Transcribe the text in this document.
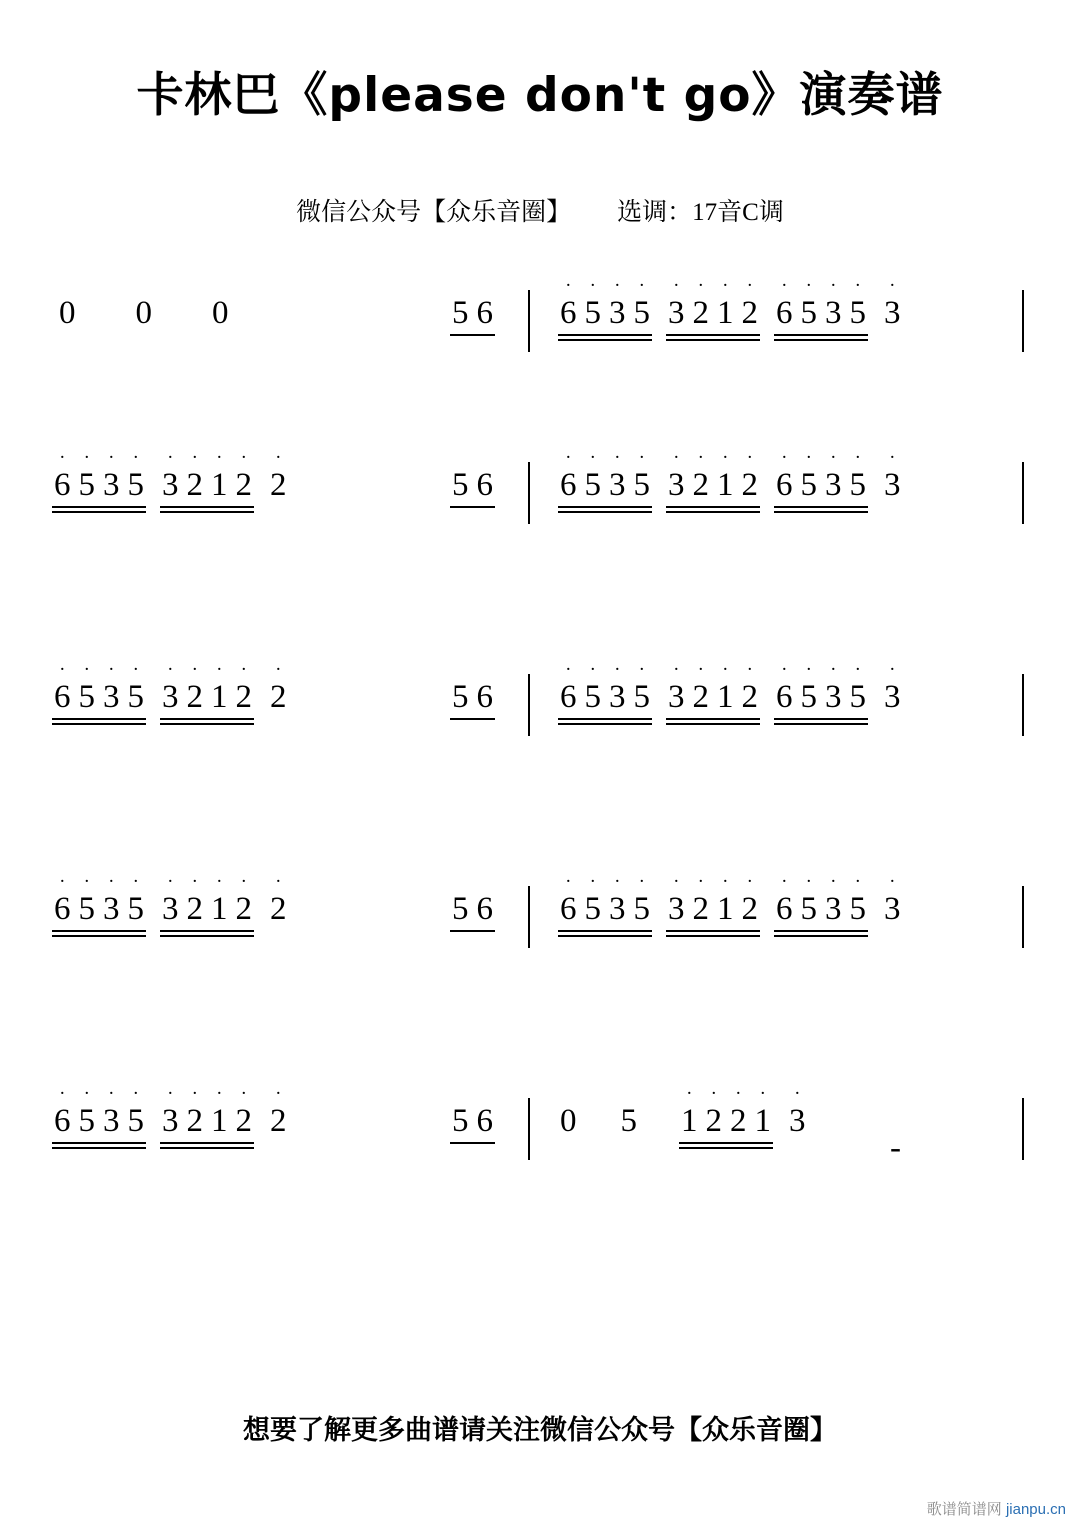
卡林巴《please don't go》演奏谱
微信公众号【众乐音圈】 选调：17音C调
0 0 0	5 6
·
6
·
5
·
3
·
5
·
3
·
2
·
1
·
2
·
6
·
5
·
3
·
5
·
3
·
6
·
5
·
3
·
5
·
3
·
2
·
1
·
2
·
2	5 6
·
6
·
5
·
3
·
5
·
3
·
2
·
1
·
2
·
6
·
5
·
3
·
5
·
3
·
6
·
5
·
3
·
5
·
3
·
2
·
1
·
2
·
2	5 6
·
6
·
5
·
3
·
5
·
3
·
2
·
1
·
2
·
6
·
5
·
3
·
5
·
3
·
6
·
5
·
3
·
5
·
3
·
2
·
1
·
2
·
2	5 6
·
6
·
5
·
3
·
5
·
3
·
2
·
1
·
2
·
6
·
5
·
3
·
5
·
3
·
6
·
5
·
3
·
5
·
3
·
2
·
1
·
2
·
2	5 6 0 5
·
1
·
2
·
2
·
1
·
3
-
想要了解更多曲谱请关注微信公众号【众乐音圈】
歌谱简谱网 jianpu.cn
